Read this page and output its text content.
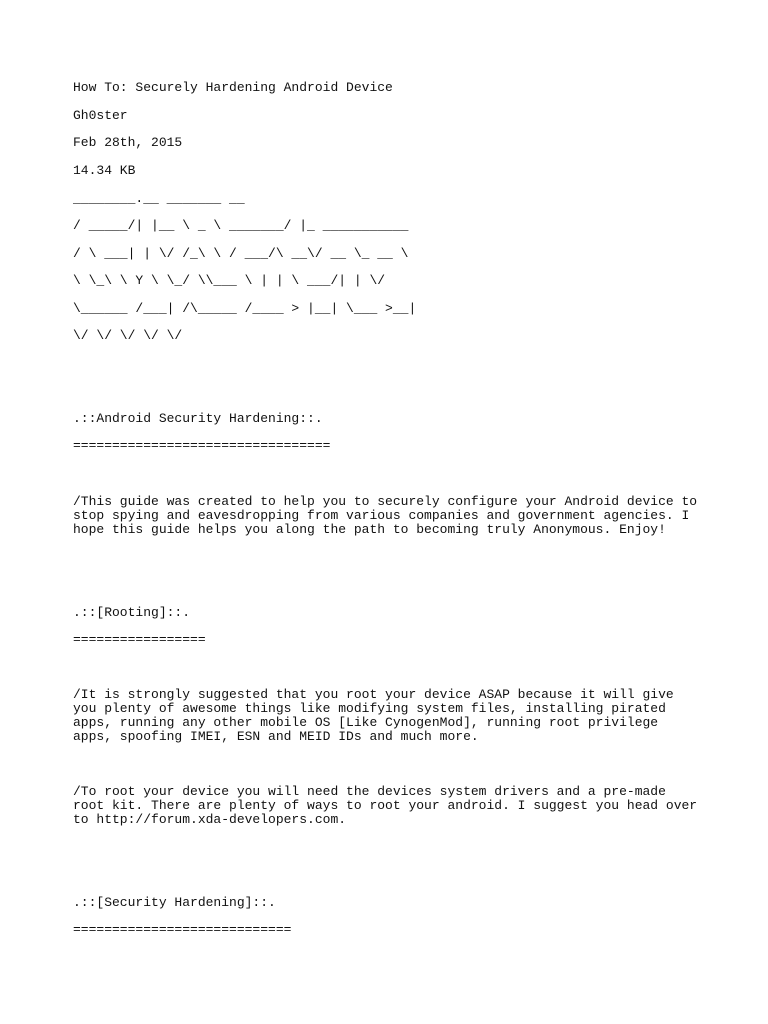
How To: Securely Hardening Android Device

Gh0ster

Feb 28th, 2015

14.34 KB

________.__ _______ __

/ _____/| |__ \ _ \ _______/ |_ ___________

/ \ ___| | \/ /_\ \ / ___/\ __\/ __ \_ __ \

\ \_\ \ Y \ \_/ \\___ \ | | \ ___/| | \/

\______ /___| /\_____ /____ > |__| \___ >__|

\/ \/ \/ \/ \/

.::Android Security Hardening::.

=================================

/This guide was created to help you to securely configure your Android device to
stop spying and eavesdropping from various companies and government agencies. I
hope this guide helps you along the path to becoming truly Anonymous. Enjoy!

.::[Rooting]::.

=================

/It is strongly suggested that you root your device ASAP because it will give
you plenty of awesome things like modifying system files, installing pirated
apps, running any other mobile OS [Like CynogenMod], running root privilege
apps, spoofing IMEI, ESN and MEID IDs and much more.

/To root your device you will need the devices system drivers and a pre-made
root kit. There are plenty of ways to root your android. I suggest you head over
to http://forum.xda-developers.com.

.::[Security Hardening]::.

============================
